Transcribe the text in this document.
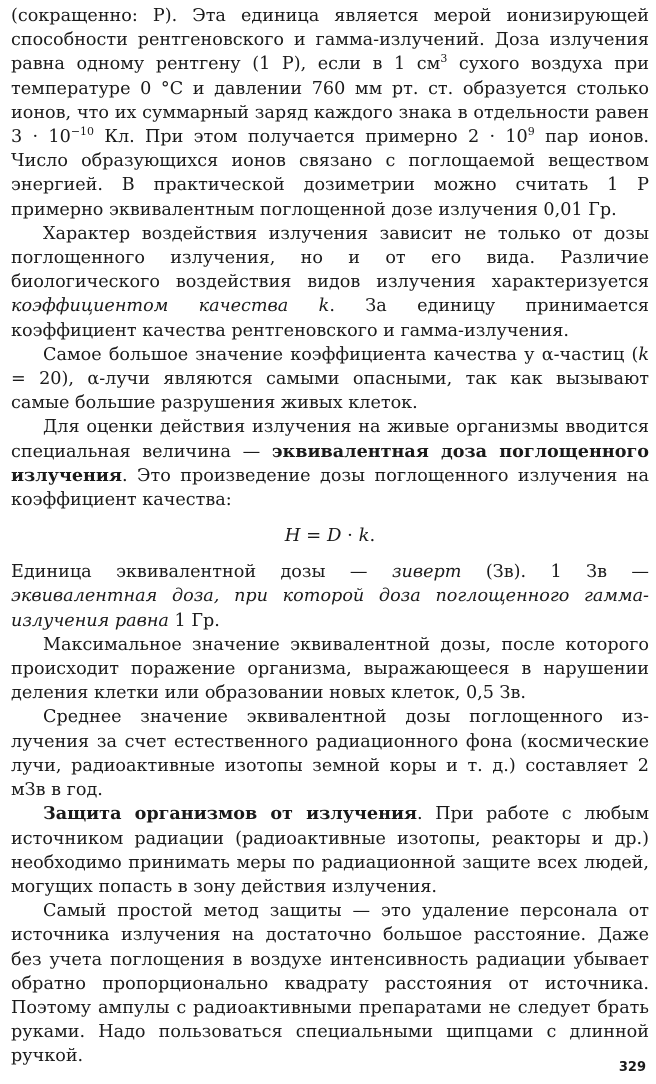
(сокращенно: Р). Эта единица является мерой ионизирующей способности рентгеновского и гамма-излучений. Доза излучения равна одному рентгену (1 Р), если в 1 $см^3$ сухого воздуха при температуре 0 °С и давлении 760 мм рт. ст. образуется столько ионов, что их суммарный заряд каждого знака в отдельности равен $3 \cdot 10^{-10}$ Кл. При этом получается примерно $2 \cdot 10^9$ пар ионов. Число образующихся ионов связано с поглощаемой веществом энергией. В практической дозиметрии можно считать 1 Р примерно эквивалентным поглощенной дозе излучения 0,01 Гр.

Характер воздействия излучения зависит не только от дозы поглощенного излучения, но и от его вида. Различие биологического воздействия видов излучения характеризуется коэффициентом качества k. За единицу принимается коэффициент качества рентгеновского и гамма-излучения.

Самое большое значение коэффициента качества у α-частиц (k = 20), α-лучи являются самыми опасными, так как вызывают самые большие разрушения живых клеток.

Для оценки действия излучения на живые организмы вводится специальная величина — эквивалентная доза поглощенного излучения. Это произведение дозы поглощенного излучения на коэффициент качества:

H = D · k.

Единица эквивалентной дозы — зиверт (Зв). 1 Зв — эквивалентная доза, при которой доза поглощенного гамма-излучения равна 1 Гр.

Максимальное значение эквивалентной дозы, после которого происходит поражение организма, выражающееся в нарушении деления клетки или образовании новых клеток, 0,5 Зв.

Среднее значение эквивалентной дозы поглощенного излучения за счет естественного радиационного фона (космические лучи, радиоактивные изотопы земной коры и т. д.) составляет 2 мЗв в год.

Защита организмов от излучения. При работе с любым источником радиации (радиоактивные изотопы, реакторы и др.) необходимо принимать меры по радиационной защите всех людей, могущих попасть в зону действия излучения.

Самый простой метод защиты — это удаление персонала от источника излучения на достаточно большое расстояние. Даже без учета поглощения в воздухе интенсивность радиации убывает обратно пропорционально квадрату расстояния от источника. Поэтому ампулы с радиоактивными препаратами не следует брать руками. Надо пользоваться специальными щипцами с длинной ручкой.

329
